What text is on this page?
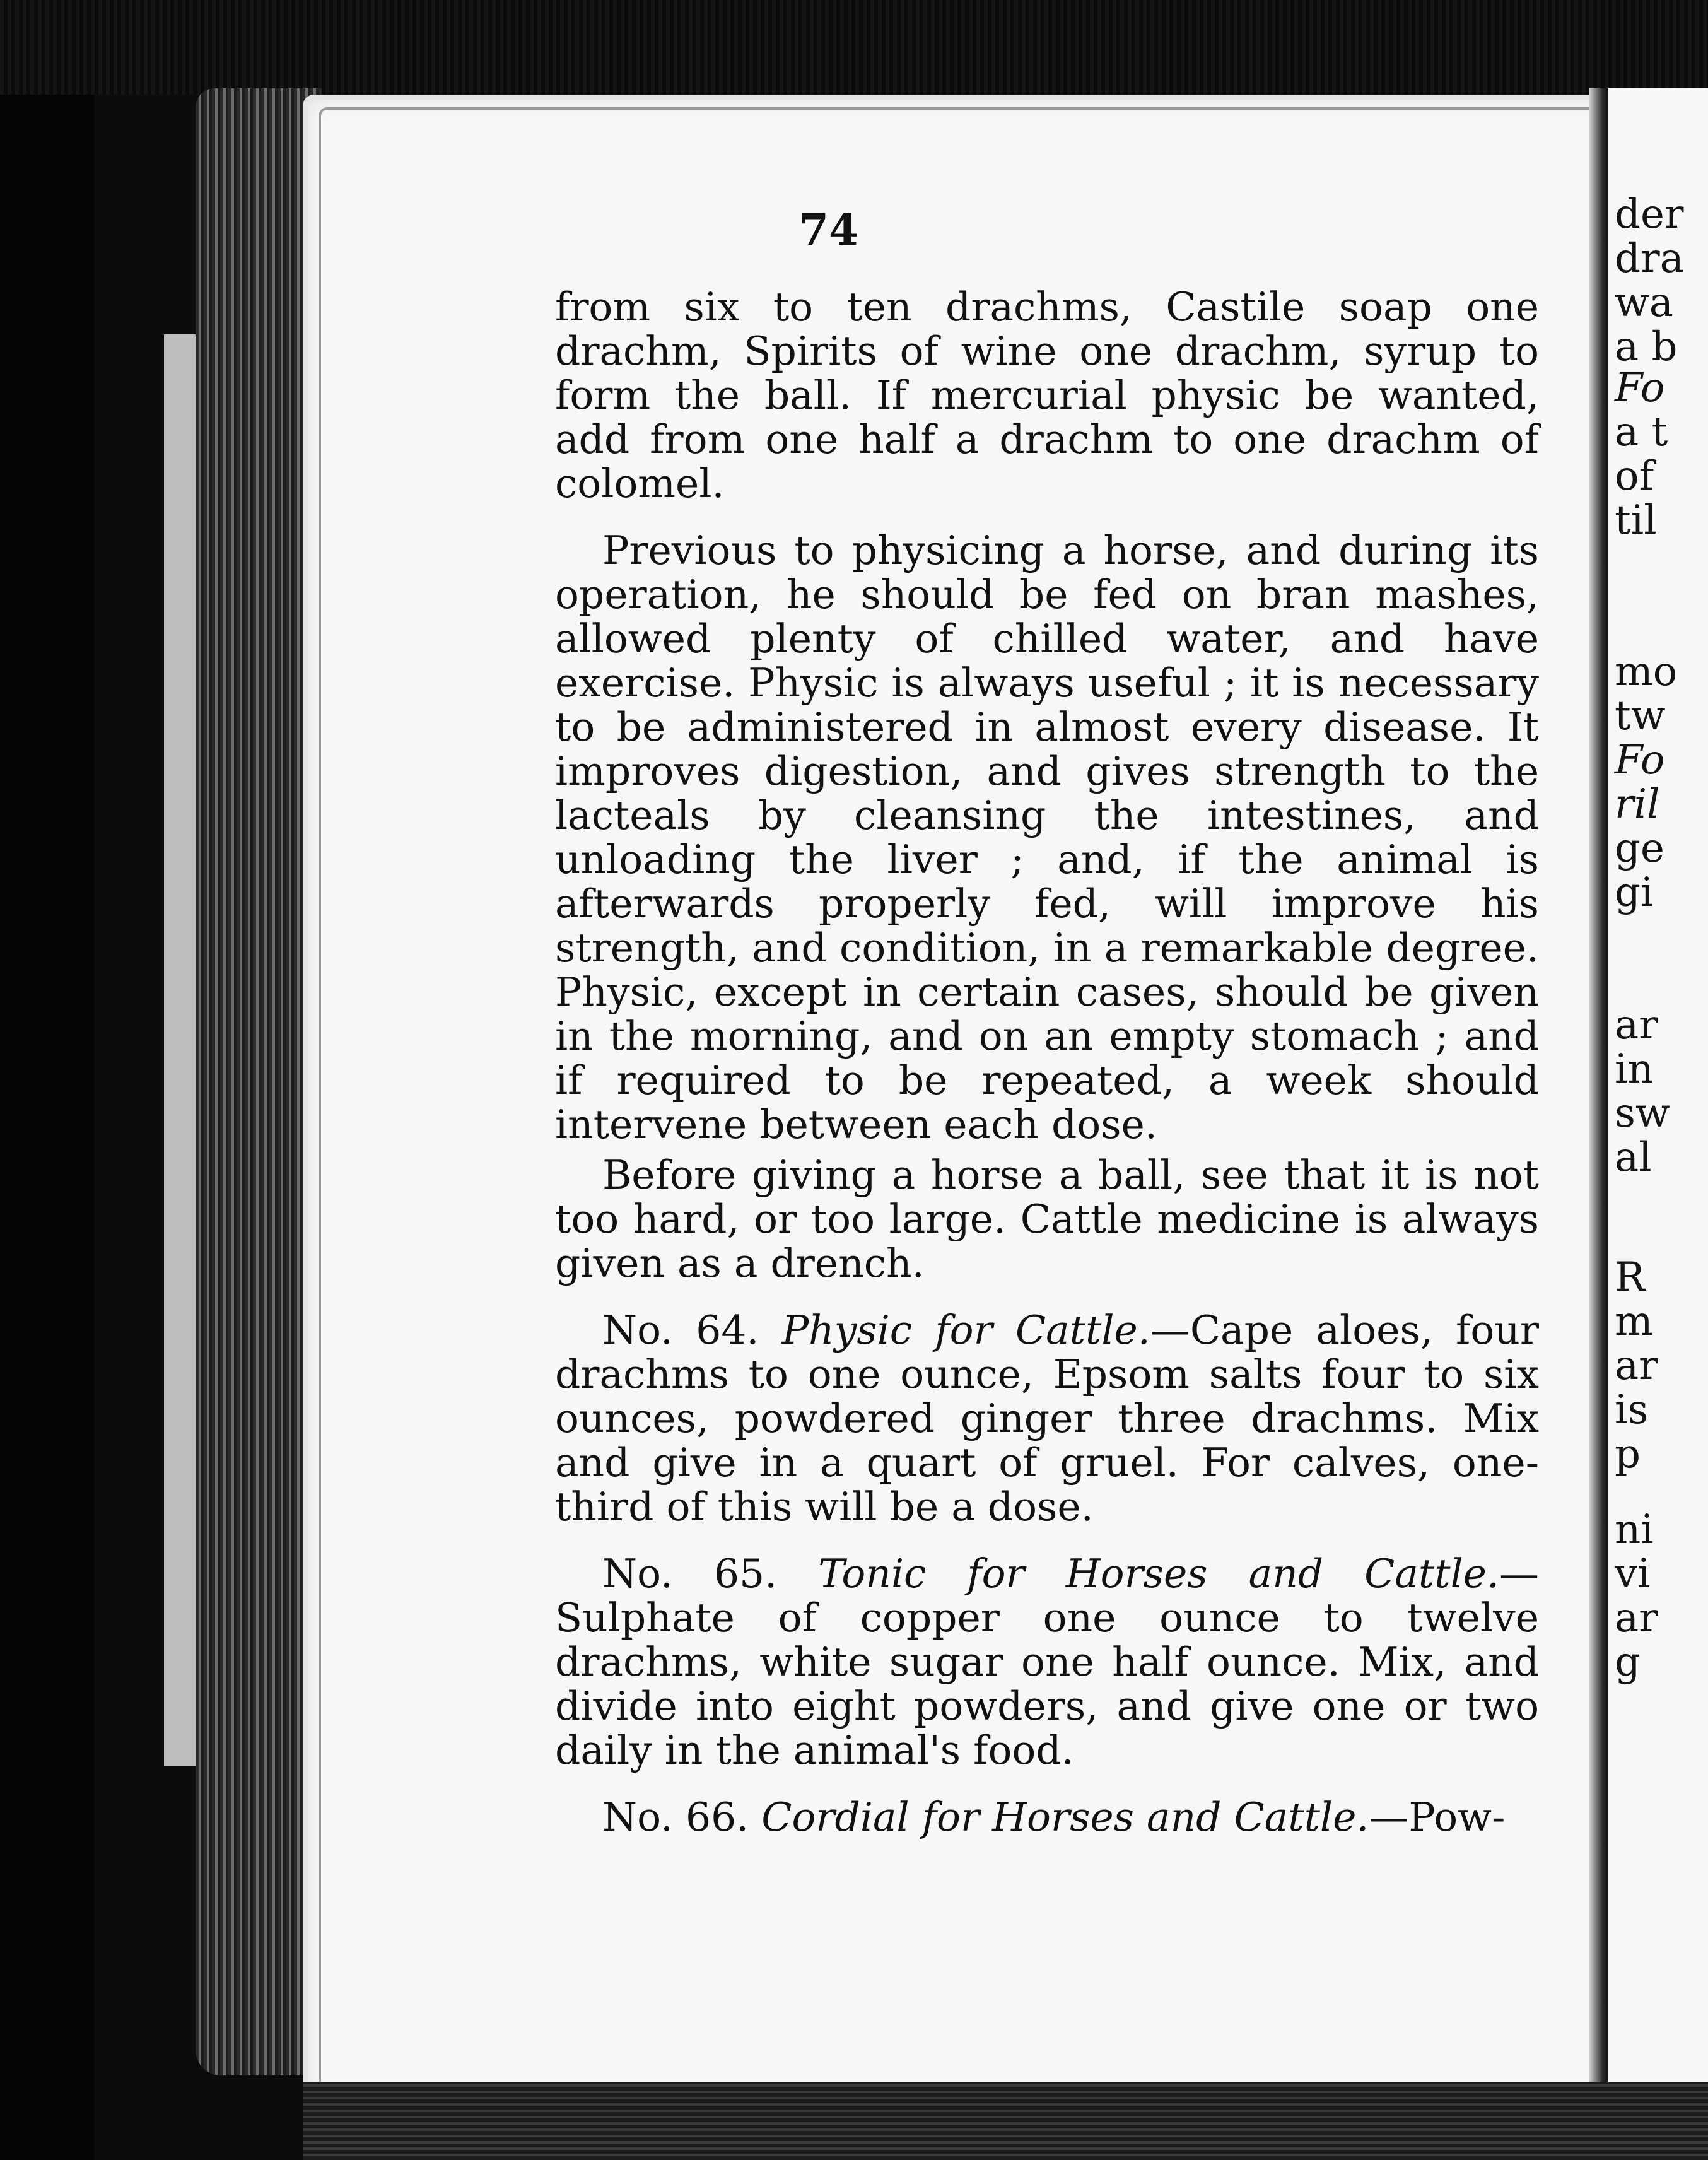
74

from six to ten drachms, Castile soap one drachm, Spirits of wine one drachm, syrup to form the ball. If mercurial physic be wanted, add from one half a drachm to one drachm of colomel.

Previous to physicing a horse, and during its operation, he should be fed on bran mashes, allowed plenty of chilled water, and have exercise. Physic is always useful ; it is necessary to be administered in almost every disease. It improves digestion, and gives strength to the lacteals by cleansing the intestines, and unloading the liver ; and, if the animal is afterwards properly fed, will improve his strength, and condition, in a remarkable degree. Physic, except in certain cases, should be given in the morning, and on an empty stomach ; and if required to be repeated, a week should intervene between each dose.

Before giving a horse a ball, see that it is not too hard, or too large. Cattle medicine is always given as a drench.

No. 64. Physic for Cattle.—Cape aloes, four drachms to one ounce, Epsom salts four to six ounces, powdered ginger three drachms. Mix and give in a quart of gruel. For calves, one-third of this will be a dose.

No. 65. Tonic for Horses and Cattle.—Sulphate of copper one ounce to twelve drachms, white sugar one half ounce. Mix, and divide into eight powders, and give one or two daily in the animal's food.

No. 66. Cordial for Horses and Cattle.—Pow-

der
dra
wa
a b
Fo
a t
of
til
mo
tw
Fo
ril
ge
gi
ar
in
sw
al
R
m
ar
is
p
ni
vi
ar
g
